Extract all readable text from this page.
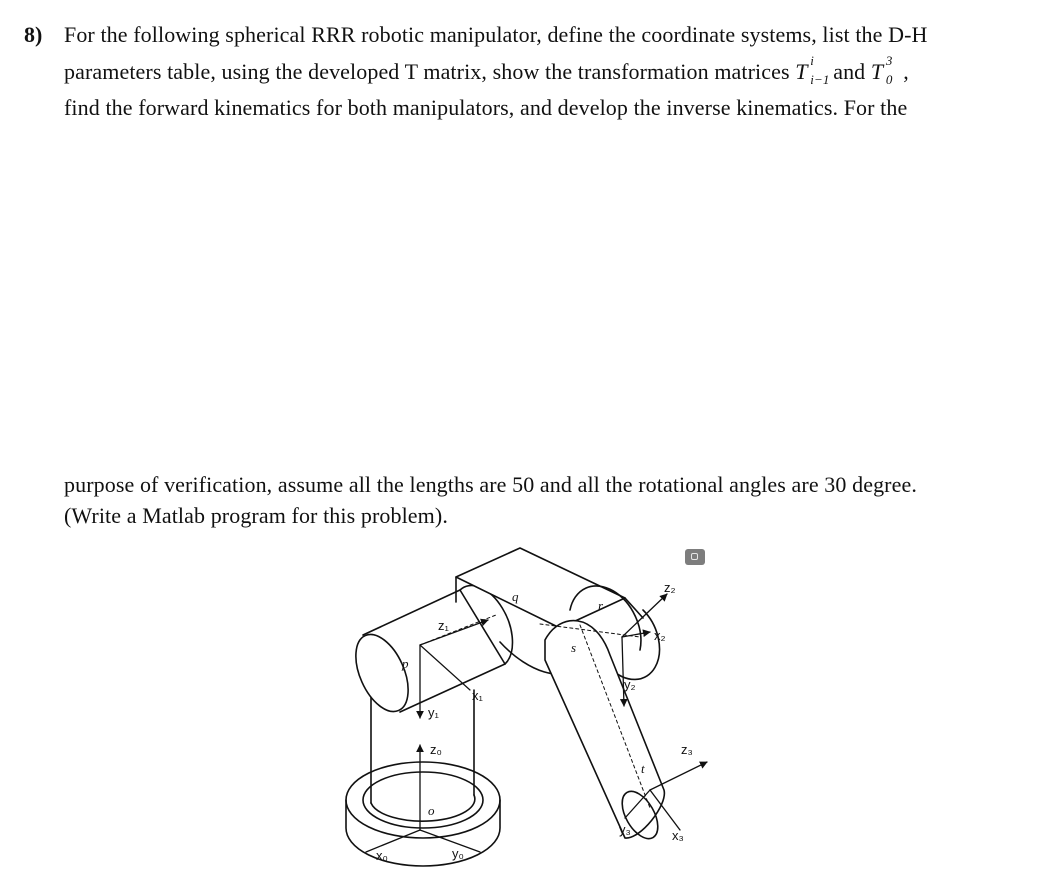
8) For the following spherical RRR robotic manipulator, define the coordinate systems, list the D-H
parameters table, using the developed T matrix, show the transformation matrices T i
i−1 and T 3
0 ,
find the forward kinematics for both manipulators, and develop the inverse kinematics. For the
purpose of verification, assume all the lengths are 50 and all the rotational angles are 30 degree.
(Write a Matlab program for this problem).
p
q
r
s
t
o
z₀
x₀	y₀
z₁
x₁
y₁
z₂
x₂
y₂
z₃
x₃
y₃
